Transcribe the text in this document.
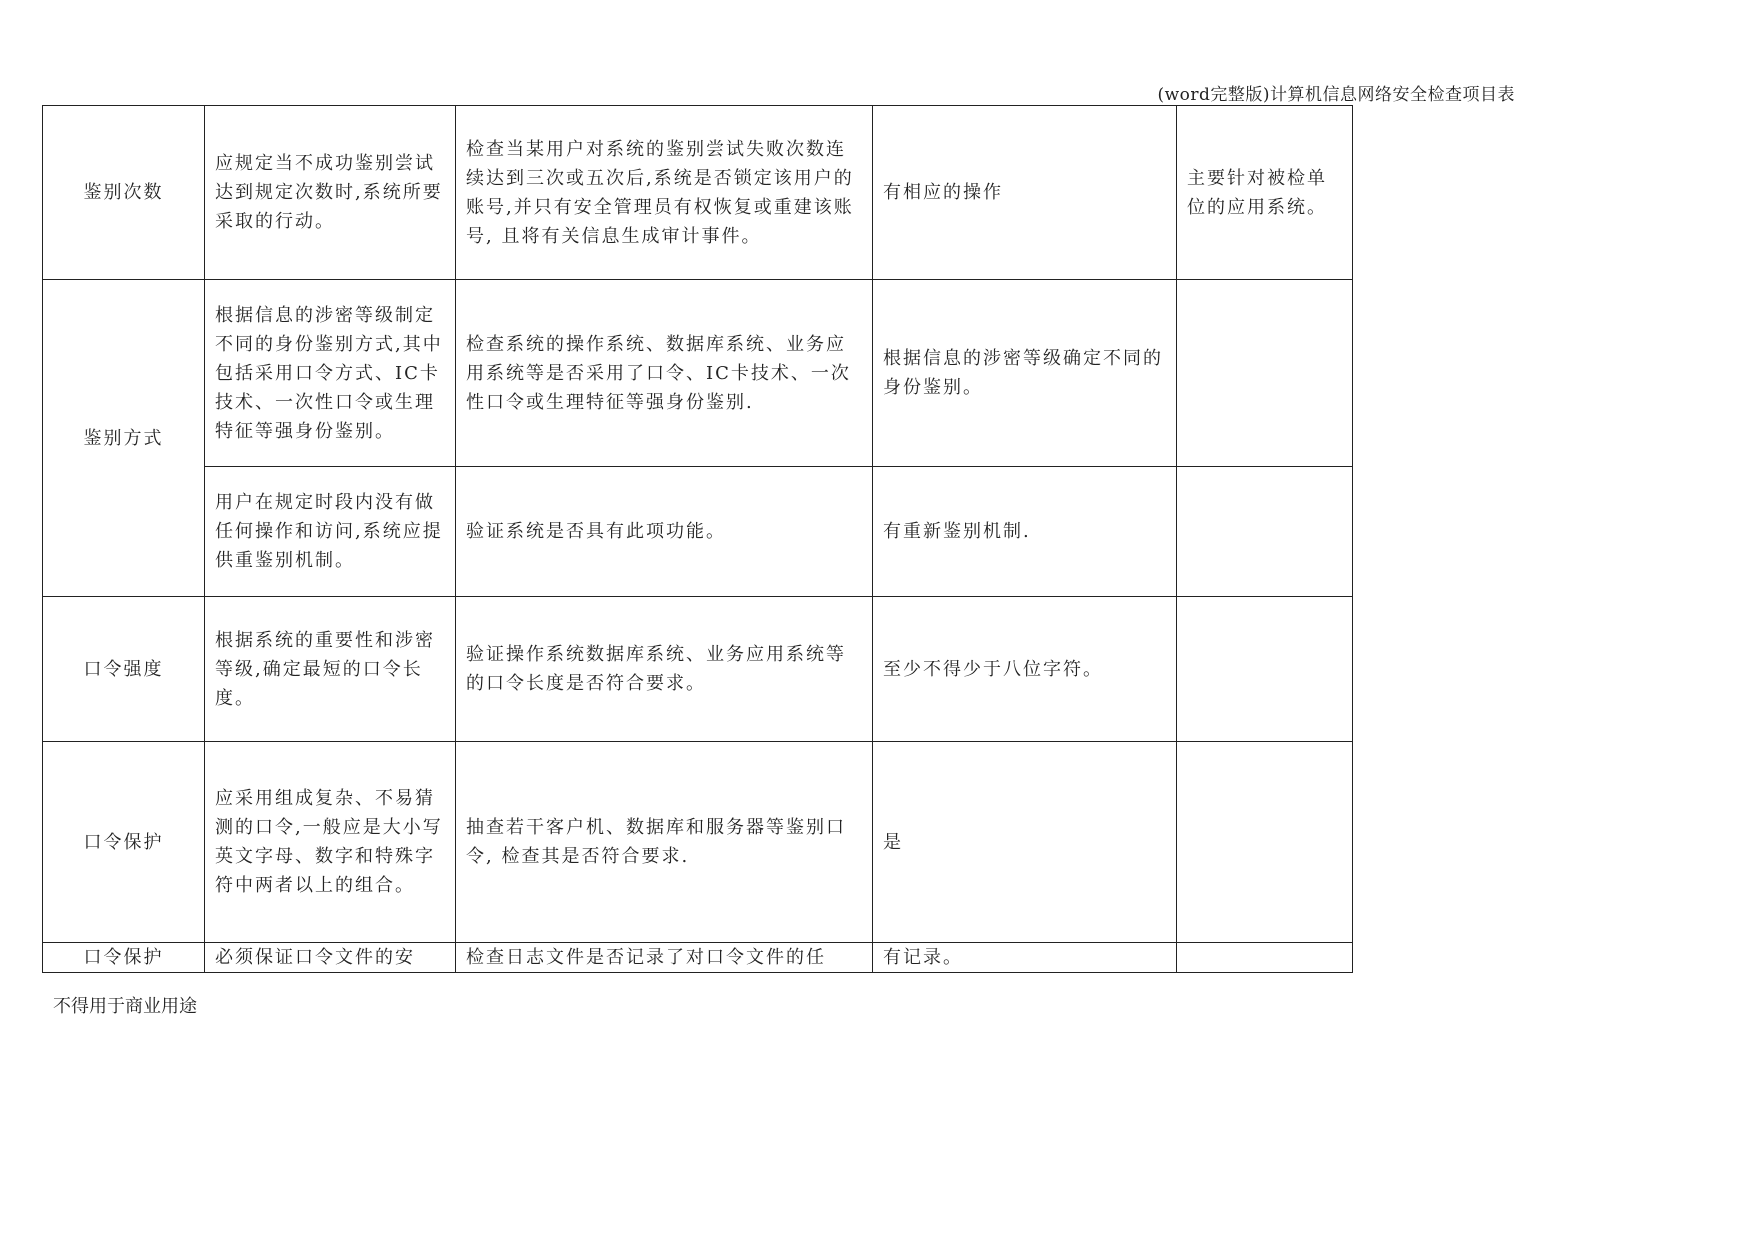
(word完整版)计算机信息网络安全检查项目表
鉴别次数	应规定当不成功鉴别尝试达到规定次数时,系统所要采取的行动。	检查当某用户对系统的鉴别尝试失败次数连续达到三次或五次后,系统是否锁定该用户的账号,并只有安全管理员有权恢复或重建该账号, 且将有关信息生成审计事件。	有相应的操作	主要针对被检单位的应用系统。
鉴别方式	根据信息的涉密等级制定不同的身份鉴别方式,其中包括采用口令方式、IC卡技术、一次性口令或生理特征等强身份鉴别。	检查系统的操作系统、数据库系统、业务应用系统等是否采用了口令、IC卡技术、一次性口令或生理特征等强身份鉴别.	根据信息的涉密等级确定不同的身份鉴别。	
	用户在规定时段内没有做任何操作和访问,系统应提供重鉴别机制。	验证系统是否具有此项功能。	有重新鉴别机制.	
口令强度	根据系统的重要性和涉密等级,确定最短的口令长度。	验证操作系统数据库系统、业务应用系统等的口令长度是否符合要求。	至少不得少于八位字符。	
口令保护	应采用组成复杂、不易猜测的口令,一般应是大小写英文字母、数字和特殊字符中两者以上的组合。	抽查若干客户机、数据库和服务器等鉴别口令, 检查其是否符合要求.	是	
口令保护	必须保证口令文件的安	检查日志文件是否记录了对口令文件的任	有记录。	
不得用于商业用途
